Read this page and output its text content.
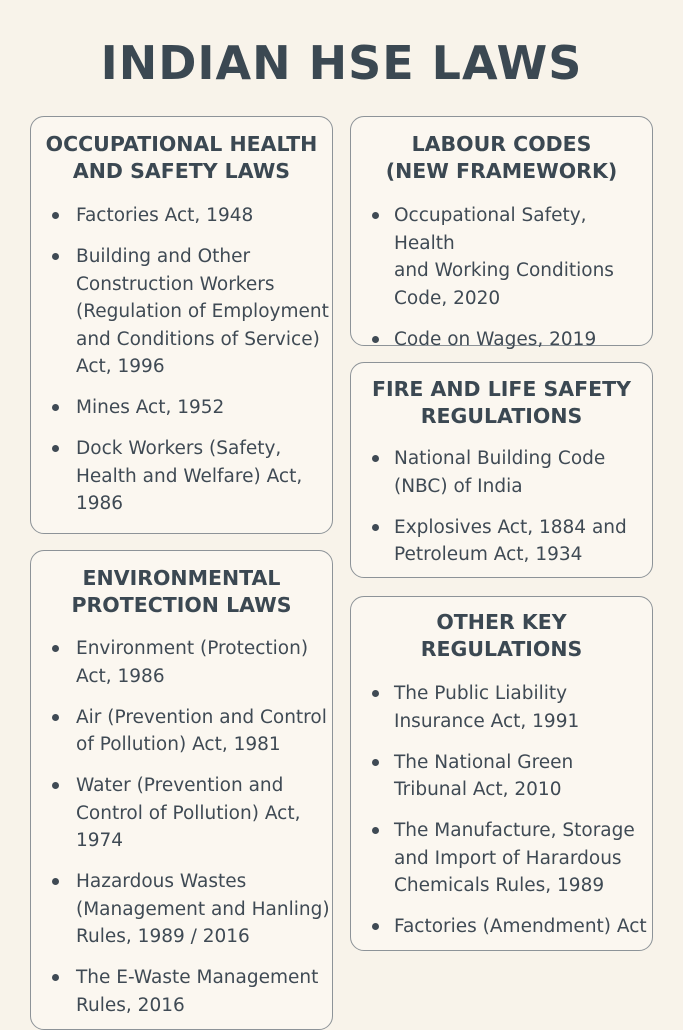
INDIAN HSE LAWS
OCCUPATIONAL HEALTH
AND SAFETY LAWS
Factories Act, 1948
Building and Other
Construction Workers
(Regulation of Employment
and Conditions of Service)
Act, 1996
Mines Act, 1952
Dock Workers (Safety,
Health and Welfare) Act,
1986
LABOUR CODES
(NEW FRAMEWORK)
Occupational Safety, Health
and Working Conditions
Code, 2020
Code on Wages, 2019
FIRE AND LIFE SAFETY
REGULATIONS
National Building Code
(NBC) of India
Explosives Act, 1884 and
Petroleum Act, 1934
ENVIRONMENTAL
PROTECTION LAWS
Environment (Protection)
Act, 1986
Air (Prevention and Control
of Pollution) Act, 1981
Water (Prevention and
Control of Pollution) Act,
1974
Hazardous Wastes
(Management and Hanling)
Rules, 1989 / 2016
The E-Waste Management
Rules, 2016
OTHER KEY
REGULATIONS
The Public Liability
Insurance Act, 1991
The National Green
Tribunal Act, 2010
The Manufacture, Storage
and Import of Harardous
Chemicals Rules, 1989
Factories (Amendment) Act
